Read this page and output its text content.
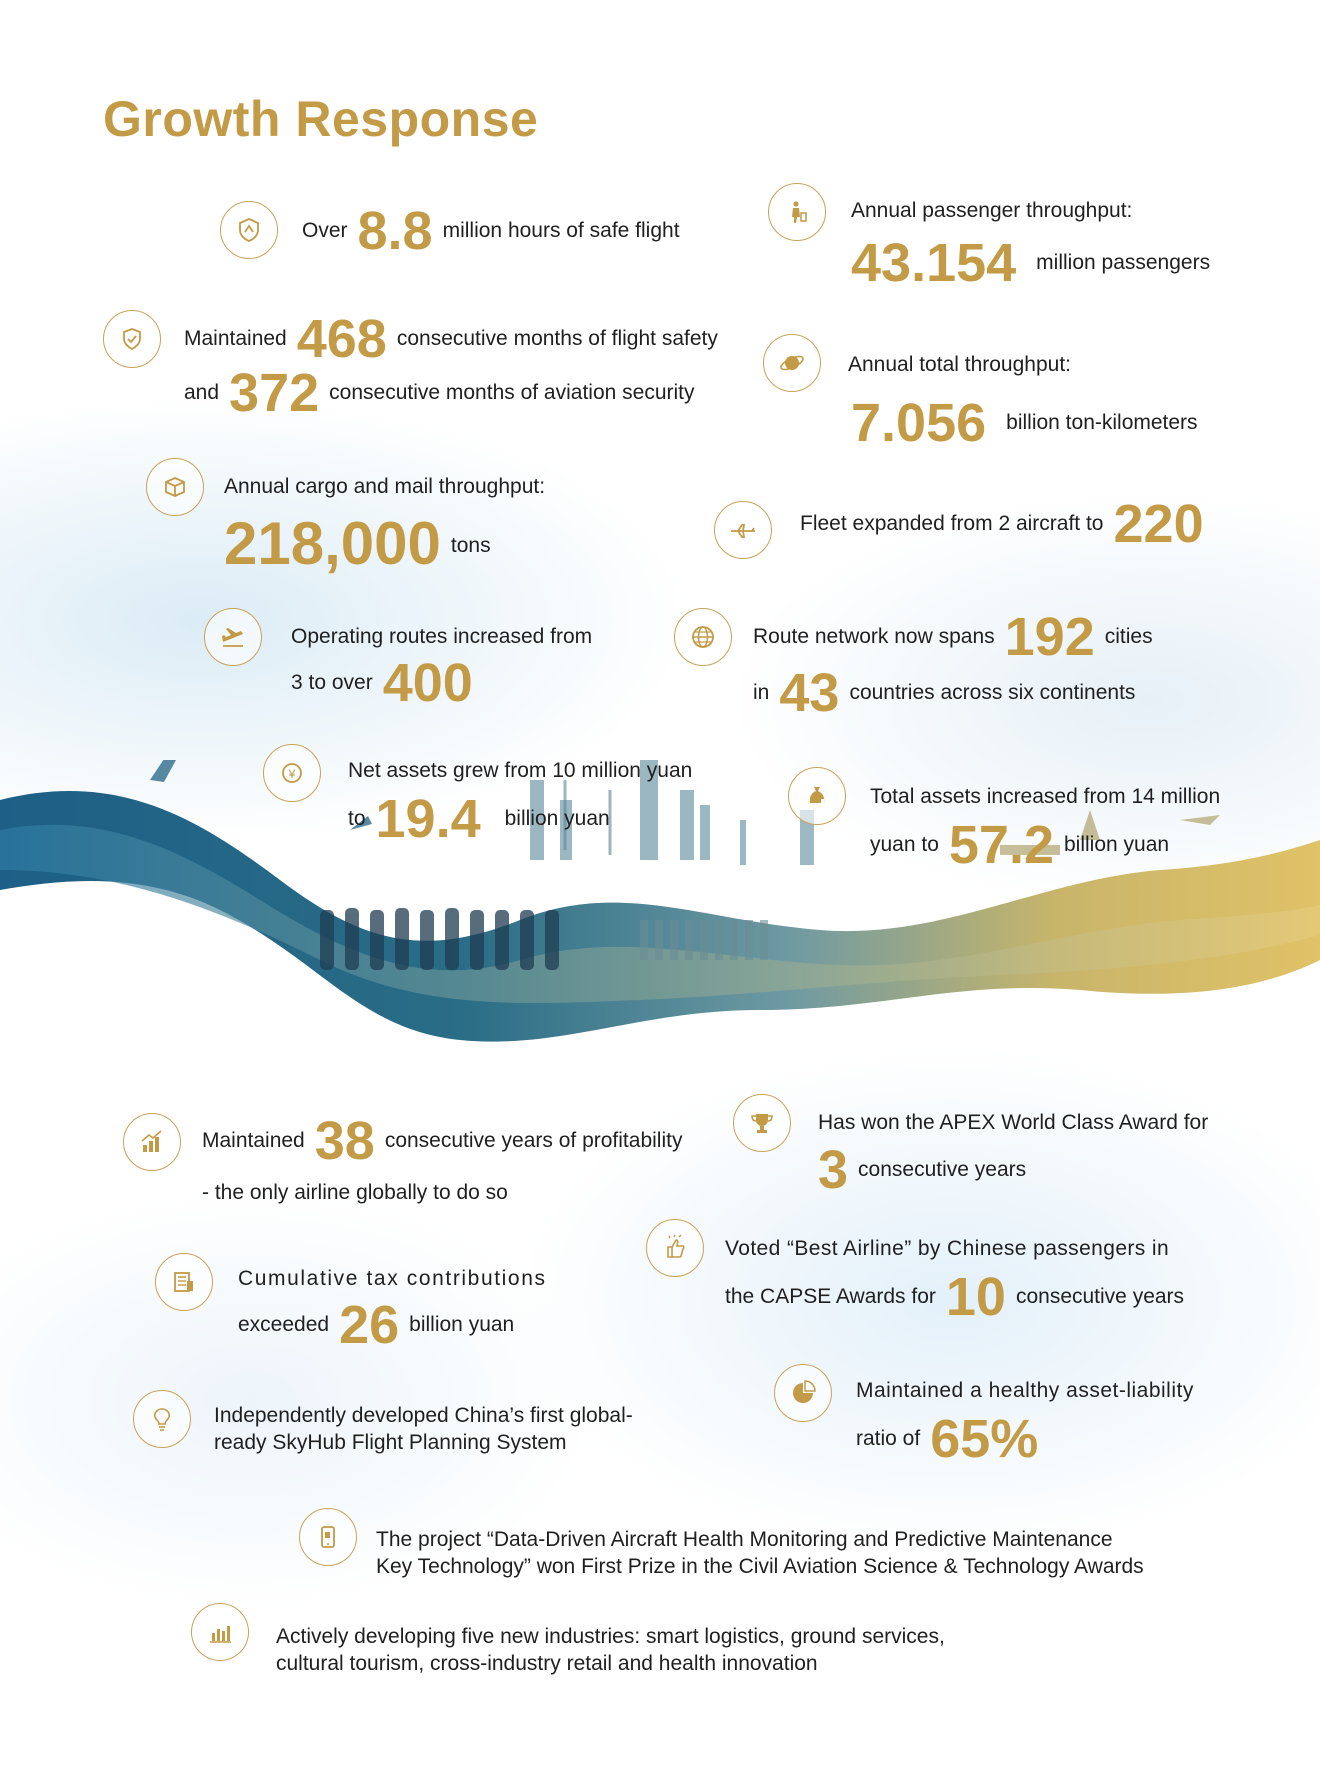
Growth Response
Over 8.8 million hours of safe flight
Maintained 468 consecutive months of flight safety
and 372 consecutive months of aviation security
Annual cargo and mail throughput:
218,000 tons
Operating routes increased from
3 to over 400
¥	Net assets grew from 10 million yuan
to 19.4 billion yuan
Annual passenger throughput:
43.154 million passengers
Annual total throughput:
7.056 billion ton-kilometers
Fleet expanded from 2 aircraft to 220
Route network now spans 192 cities
in 43 countries across six continents
Total assets increased from 14 million
yuan to 57.2 billion yuan
Maintained 38 consecutive years of profitability
- the only airline globally to do so
Has won the APEX World Class Award for
3 consecutive years
Cumulative tax contributions
exceeded 26 billion yuan
Voted “Best Airline” by Chinese passengers in
the CAPSE Awards for 10 consecutive years
Independently developed China’s first global-
ready SkyHub Flight Planning System
Maintained a healthy asset-liability
ratio of 65%
The project “Data-Driven Aircraft Health Monitoring and Predictive Maintenance
Key Technology” won First Prize in the Civil Aviation Science & Technology Awards
Actively developing five new industries: smart logistics, ground services,
cultural tourism, cross-industry retail and health innovation
